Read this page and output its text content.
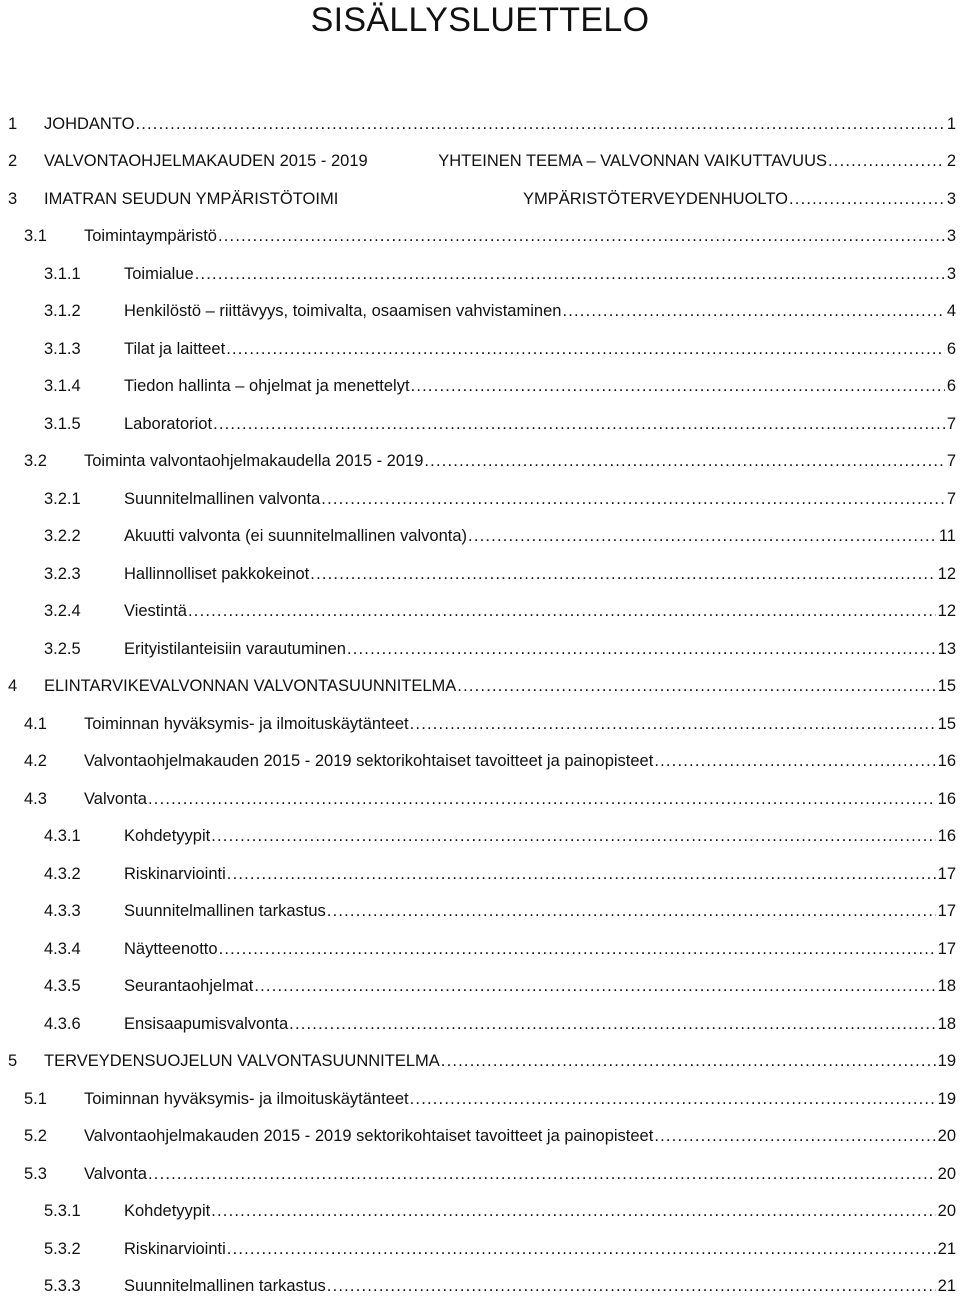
SISÄLLYSLUETTELO
1 JOHDANTO .....	1
2 VALVONTAOHJELMAKAUDEN 2015 - 2019	YHTEINEN TEEMA – VALVONNAN VAIKUTTAVUUS .....	2
3 IMATRAN SEUDUN YMPÄRISTÖTOIMI	YMPÄRISTÖTERVEYDENHUOLTO .....	3
3.1 Toimintaympäristö .....	3
3.1.1	Toimialue .....	3
3.1.2	Henkilöstö – riittävyys, toimivalta, osaamisen vahvistaminen .....	4
3.1.3	Tilat ja laitteet .....	6
3.1.4	Tiedon hallinta – ohjelmat ja menettelyt .....	6
3.1.5	Laboratoriot .....	7
3.2 Toiminta valvontaohjelmakaudella 2015 - 2019 .....	7
3.2.1	Suunnitelmallinen valvonta .....	7
3.2.2	Akuutti valvonta (ei suunnitelmallinen valvonta) .....	11
3.2.3	Hallinnolliset pakkokeinot .....	12
3.2.4	Viestintä .....	12
3.2.5	Erityistilanteisiin varautuminen .....	13
4 ELINTARVIKEVALVONNAN VALVONTASUUNNITELMA .....	15
4.1 Toiminnan hyväksymis- ja ilmoituskäytänteet .....	15
4.2 Valvontaohjelmakauden 2015 - 2019 sektorikohtaiset tavoitteet ja painopisteet .....	16
4.3 Valvonta .....	16
4.3.1	Kohdetyypit .....	16
4.3.2	Riskinarviointi .....	17
4.3.3	Suunnitelmallinen tarkastus .....	17
4.3.4	Näytteenotto .....	17
4.3.5	Seurantaohjelmat .....	18
4.3.6	Ensisaapumisvalvonta .....	18
5 TERVEYDENSUOJELUN VALVONTASUUNNITELMA .....	19
5.1 Toiminnan hyväksymis- ja ilmoituskäytänteet .....	19
5.2 Valvontaohjelmakauden 2015 - 2019 sektorikohtaiset tavoitteet ja painopisteet .....	20
5.3 Valvonta .....	20
5.3.1	Kohdetyypit .....	20
5.3.2	Riskinarviointi .....	21
5.3.3	Suunnitelmallinen tarkastus .....	21
